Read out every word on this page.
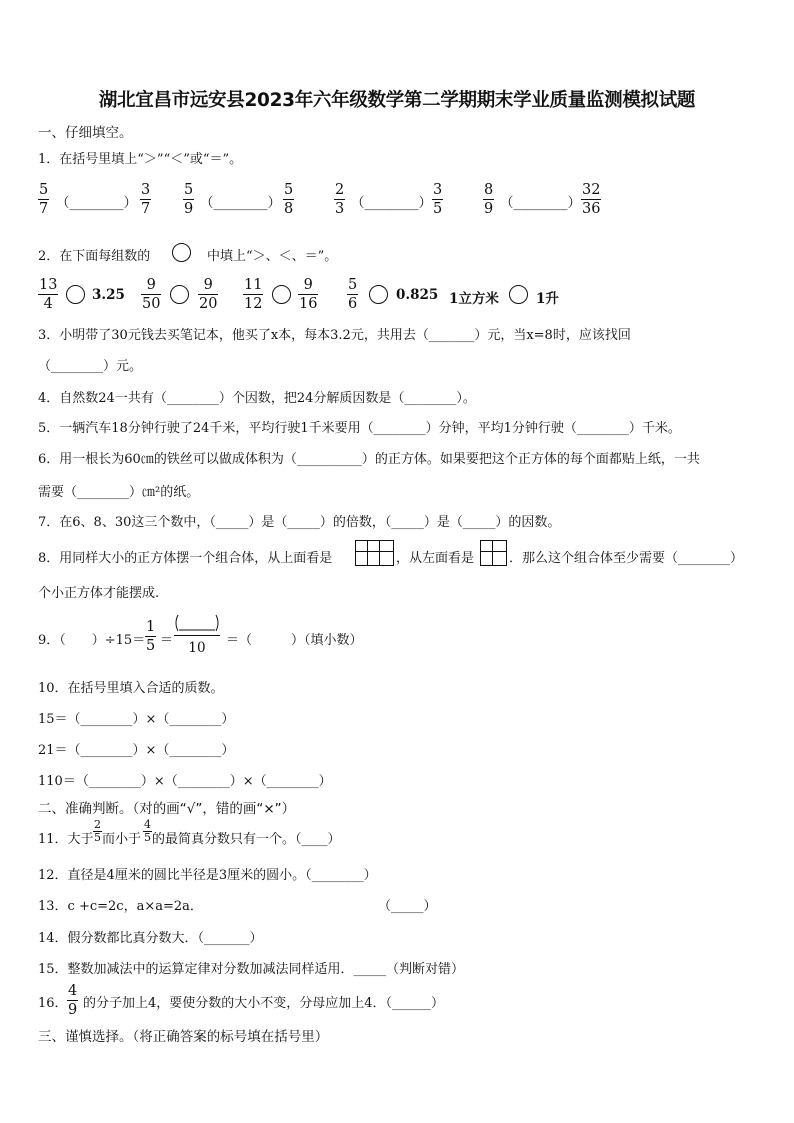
湖北宜昌市远安县2023年六年级数学第二学期期末学业质量监测模拟试题
一、仔细填空。
1．在括号里填上“＞”“＜”或“＝”。
5
7 （________）
3
7
5
9 （________）
5
8
2
3 （________）
3
5
8
9 （________）
32
36
2．在下面每组数的	中填上“＞、＜、＝”。
13
4
3.25
9
50
9
20
11
12
9
16
5
6
0.825 1立方米	1升
3．小明带了30元钱去买笔记本，他买了x本，每本3.2元，共用去（_______）元，当x=8时，应该找回
（________）元。
4．自然数24一共有（________）个因数，把24分解质因数是（________）。
5．一辆汽车18分钟行驶了24千米，平均行驶1千米要用（________）分钟，平均1分钟行驶（________）千米。
6．用一根长为60㎝的铁丝可以做成体积为（__________）的正方体。如果要把这个正方体的每个面都贴上纸，一共
需要（________）㎝²的纸。
7．在6、8、30这三个数中，（_____）是（_____）的倍数，（_____）是（_____）的因数。
8．用同样大小的正方体摆一个组合体，从上面看是	，从左面看是	．那么这个组合体至少需要（________）
个小正方体才能摆成.
9．（　　）÷15＝
1
5 ＝	10	＝（　　　）（填小数）
10．在括号里填入合适的质数。
15＝（________）×（________）
21＝（________）×（________）
110＝（________）×（________）×（________）
二、准确判断。（对的画“√”，错的画“×”）
11．大于
2
5 而小于
4
5 的最简真分数只有一个。（____）
12．直径是4厘米的圆比半径是3厘米的圆小。（________）
13．c +c=2c，a×a=2a．	（_____）
14．假分数都比真分数大．（_______）
15．整数加减法中的运算定律对分数加减法同样适用．_____（判断对错）
16．
4
9 的分子加上4，要使分数的大小不变，分母应加上4．（______）
三、谨慎选择。（将正确答案的标号填在括号里）
